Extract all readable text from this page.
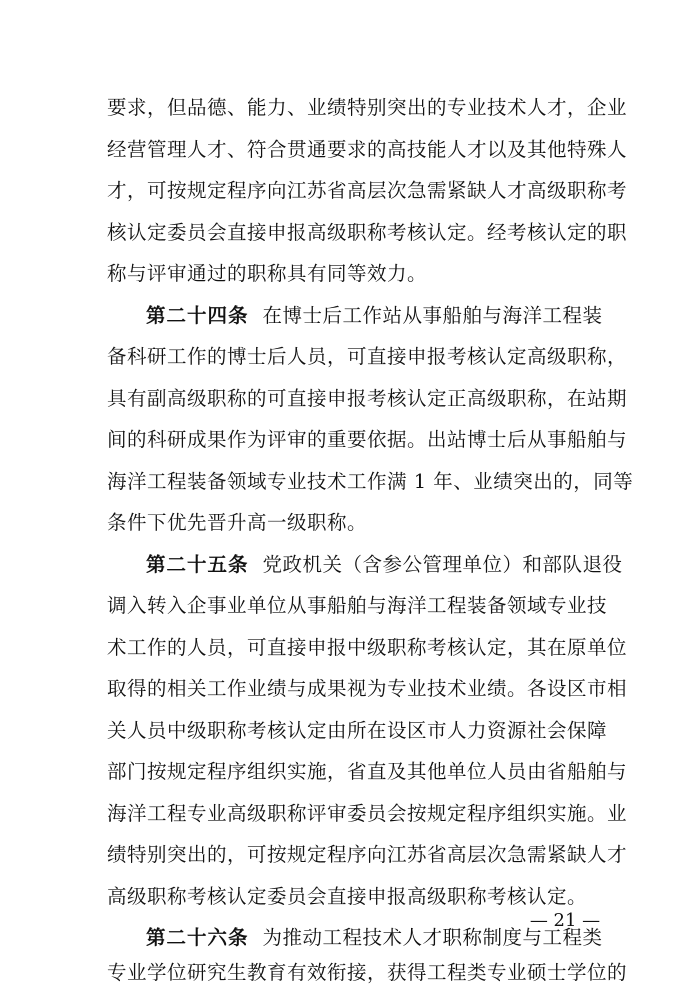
要求，但品德、能力、业绩特别突出的专业技术人才，企业
经营管理人才、符合贯通要求的高技能人才以及其他特殊人
才，可按规定程序向江苏省高层次急需紧缺人才高级职称考
核认定委员会直接申报高级职称考核认定。经考核认定的职
称与评审通过的职称具有同等效力。
第二十四条 在博士后工作站从事船舶与海洋工程装
备科研工作的博士后人员，可直接申报考核认定高级职称，
具有副高级职称的可直接申报考核认定正高级职称，在站期
间的科研成果作为评审的重要依据。出站博士后从事船舶与
海洋工程装备领域专业技术工作满 1 年、业绩突出的，同等
条件下优先晋升高一级职称。
第二十五条 党政机关（含参公管理单位）和部队退役
调入转入企事业单位从事船舶与海洋工程装备领域专业技
术工作的人员，可直接申报中级职称考核认定，其在原单位
取得的相关工作业绩与成果视为专业技术业绩。各设区市相
关人员中级职称考核认定由所在设区市人力资源社会保障
部门按规定程序组织实施，省直及其他单位人员由省船舶与
海洋工程专业高级职称评审委员会按规定程序组织实施。业
绩特别突出的，可按规定程序向江苏省高层次急需紧缺人才
高级职称考核认定委员会直接申报高级职称考核认定。
第二十六条 为推动工程技术人才职称制度与工程类
专业学位研究生教育有效衔接，获得工程类专业硕士学位的
— 21 —
